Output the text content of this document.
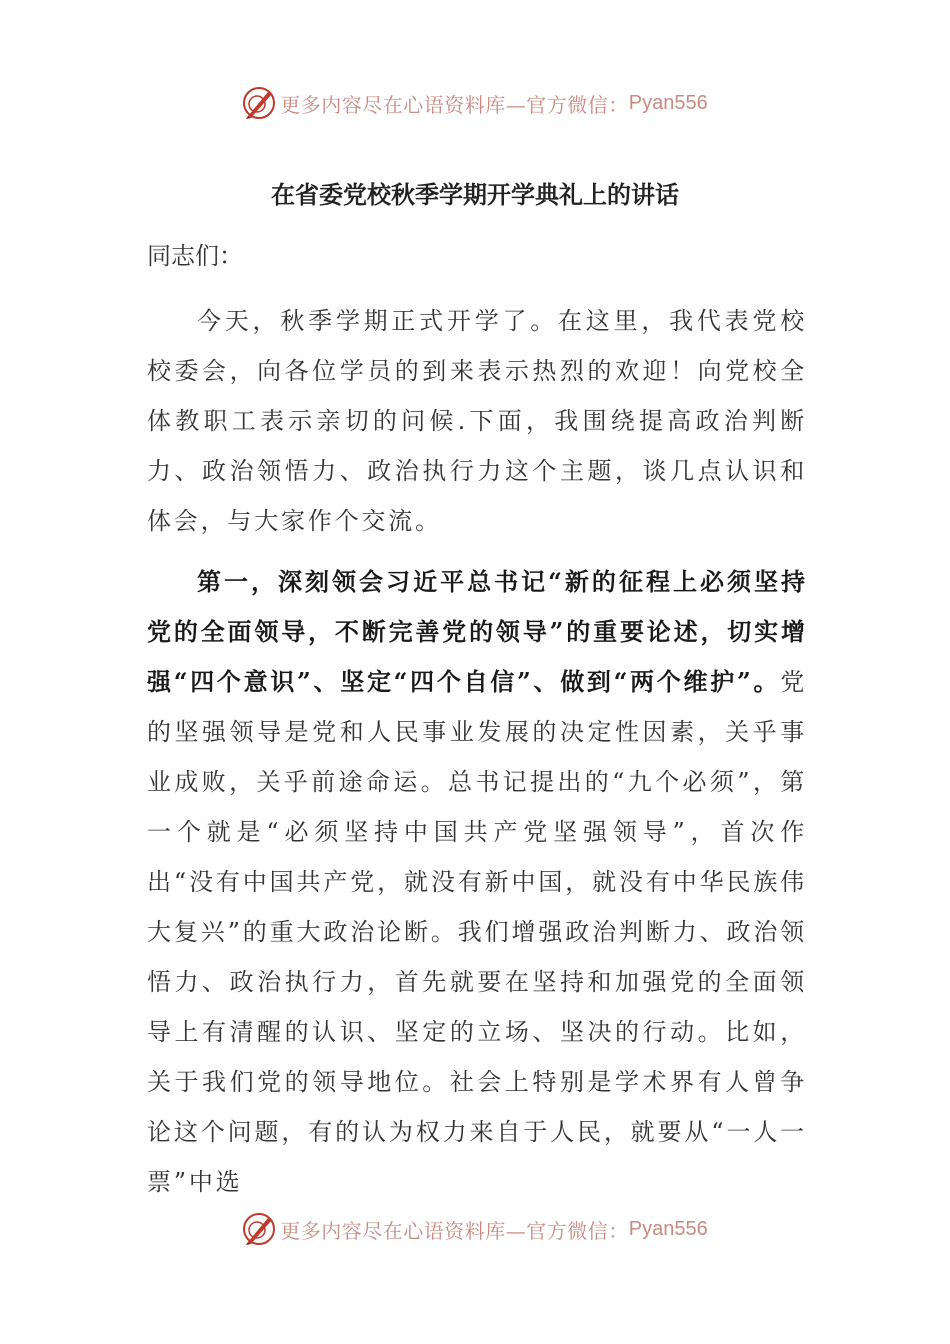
更多内容尽在心语资料库—官方微信： Pyan556
在省委党校秋季学期开学典礼上的讲话
同志们：
今天，秋季学期正式开学了。在这里，我代表党校校委会，向各位学员的到来表示热烈的欢迎！向党校全体教职工表示亲切的问候.下面，我围绕提高政治判断力、政治领悟力、政治执行力这个主题，谈几点认识和体会，与大家作个交流。
第一，深刻领会习近平总书记“新的征程上必须坚持党的全面领导，不断完善党的领导”的重要论述，切实增强“四个意识”、坚定“四个自信”、做到“两个维护”。党的坚强领导是党和人民事业发展的决定性因素，关乎事业成败，关乎前途命运。总书记提出的“九个必须”，第一个就是“必须坚持中国共产党坚强领导”，首次作出“没有中国共产党，就没有新中国，就没有中华民族伟大复兴”的重大政治论断。我们增强政治判断力、政治领悟力、政治执行力，首先就要在坚持和加强党的全面领导上有清醒的认识、坚定的立场、坚决的行动。比如，关于我们党的领导地位。社会上特别是学术界有人曾争论这个问题，有的认为权力来自于人民，就要从“一人一票”中选
更多内容尽在心语资料库—官方微信： Pyan556
